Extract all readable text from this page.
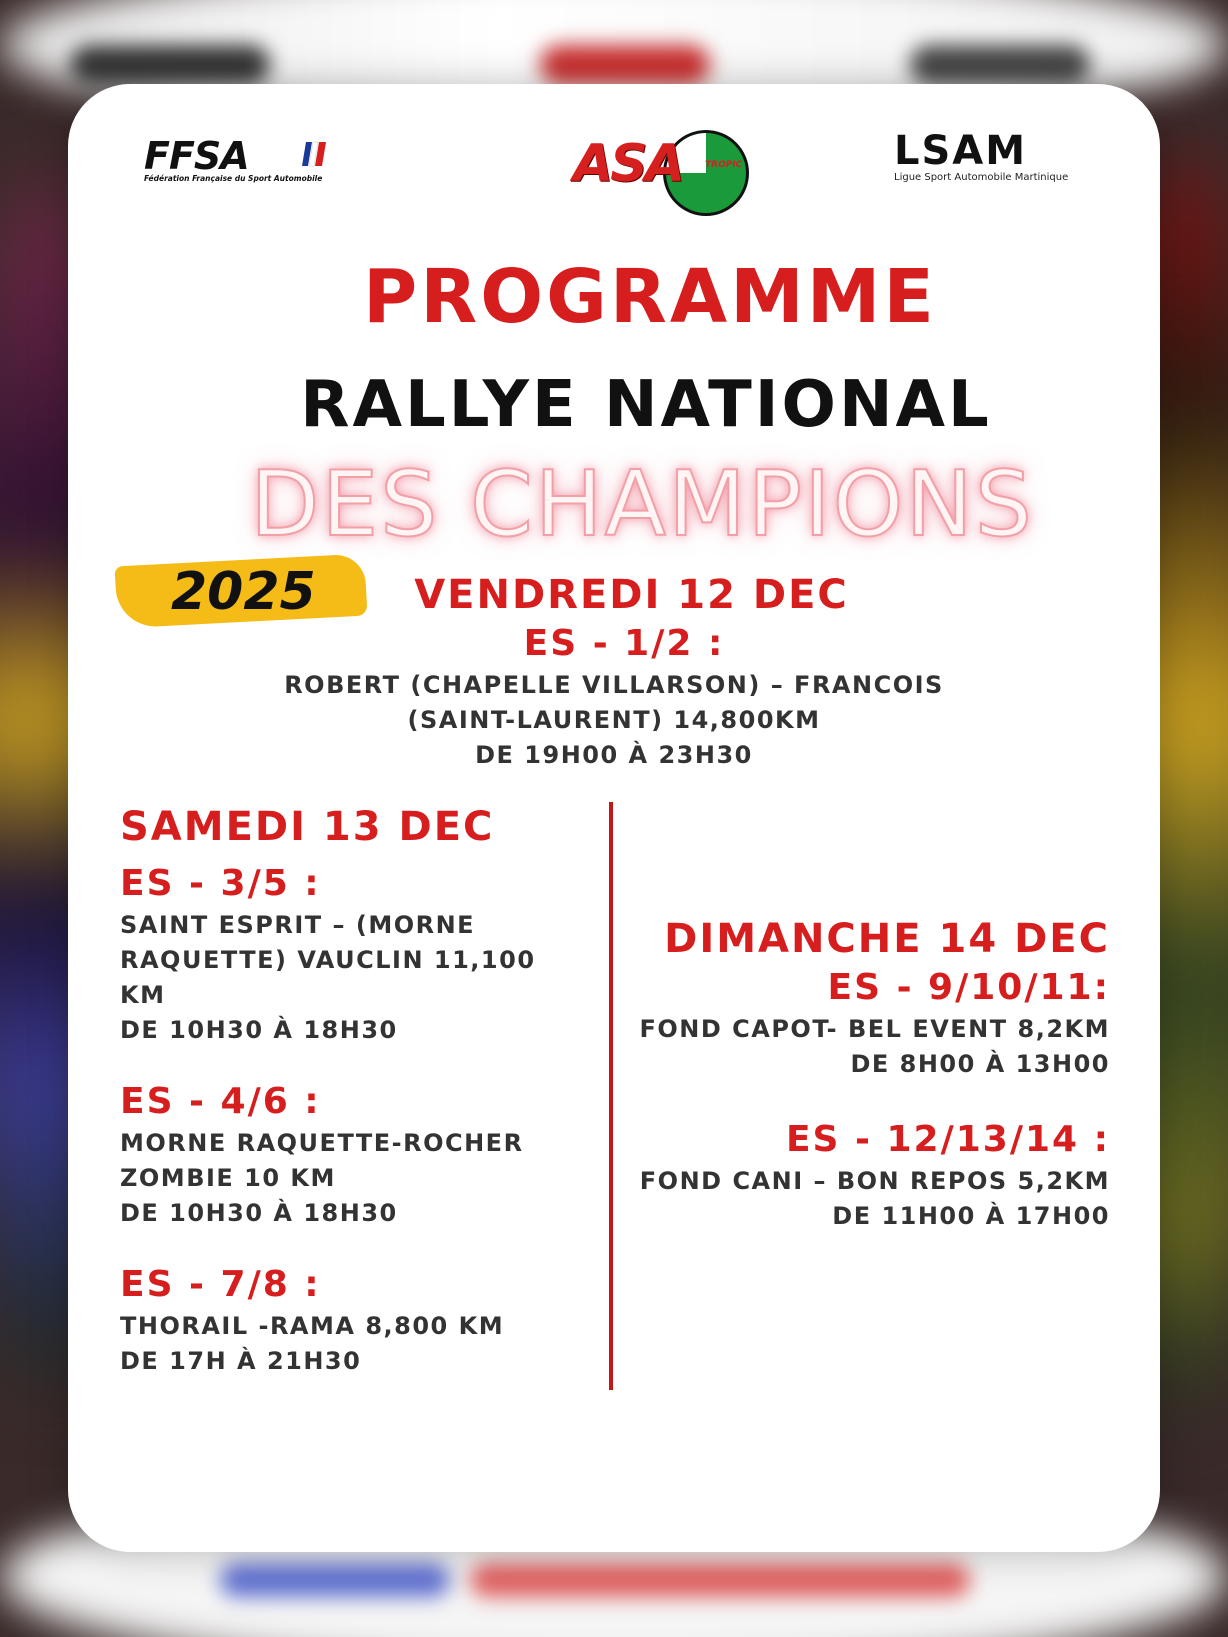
FFSA
Fédération Française du Sport Automobile	ASA	TROPIC	LSAM
Ligue Sport Automobile Martinique
PROGRAMME
RALLYE NATIONAL
DES CHAMPIONS
2025	VENDREDI 12 DEC
ES - 1/2 :
ROBERT (CHAPELLE VILLARSON) – FRANCOIS
(SAINT-LAURENT) 14,800KM
DE 19H00 À 23H30
SAMEDI 13 DEC
ES - 3/5 :
SAINT ESPRIT – (MORNE
RAQUETTE) VAUCLIN 11,100 KM
DE 10H30 À 18H30
ES - 4/6 :
MORNE RAQUETTE-ROCHER
ZOMBIE 10 KM
DE 10H30 À 18H30
ES - 7/8 :
THORAIL -RAMA 8,800 KM
DE 17H À 21H30
DIMANCHE 14 DEC
ES - 9/10/11:
FOND CAPOT- BEL EVENT 8,2KM
DE 8H00 À 13H00
ES - 12/13/14 :
FOND CANI – BON REPOS 5,2KM
DE 11H00 À 17H00
